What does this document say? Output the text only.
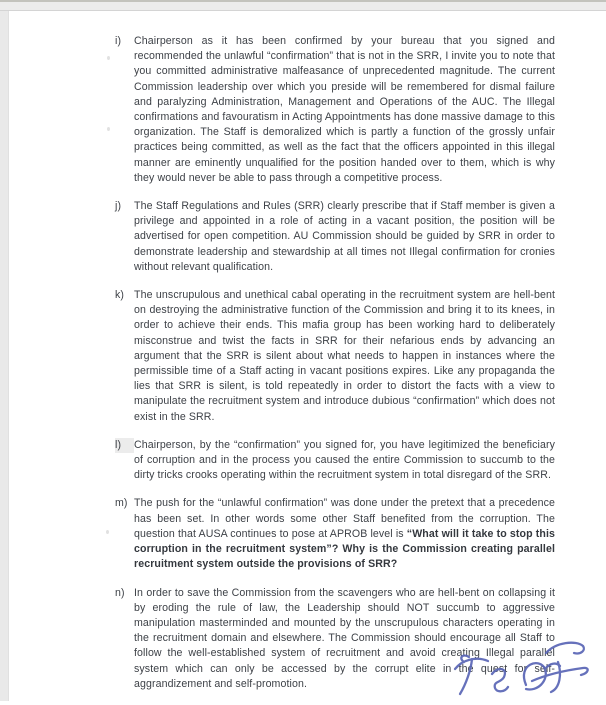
i)	Chairperson as it has been confirmed by your bureau that you signed and recommended the unlawful “confirmation” that is not in the SRR, I invite you to note that you committed administrative malfeasance of unprecedented magnitude. The current Commission leadership over which you preside will be remembered for dismal failure and paralyzing Administration, Management and Operations of the AUC. The Illegal confirmations and favouratism in Acting Appointments has done massive damage to this organization. The Staff is demoralized which is partly a function of the grossly unfair practices being committed, as well as the fact that the officers appointed in this illegal manner are eminently unqualified for the position handed over to them, which is why they would never be able to pass through a competitive process.

j)	The Staff Regulations and Rules (SRR) clearly prescribe that if Staff member is given a privilege and appointed in a role of acting in a vacant position, the position will be advertised for open competition. AU Commission should be guided by SRR in order to demonstrate leadership and stewardship at all times not Illegal confirmation for cronies without relevant qualification.

k) The unscrupulous and unethical cabal operating in the recruitment system are hell-bent on destroying the administrative function of the Commission and bring it to its knees, in order to achieve their ends. This mafia group has been working hard to deliberately misconstrue and twist the facts in SRR for their nefarious ends by advancing an argument that the SRR is silent about what needs to happen in instances where the permissible time of a Staff acting in vacant positions expires. Like any propaganda the lies that SRR is silent, is told repeatedly in order to distort the facts with a view to manipulate the recruitment system and introduce dubious “confirmation” which does not exist in the SRR.

l)	Chairperson, by the “confirmation” you signed for, you have legitimized the beneficiary of corruption and in the process you caused the entire Commission to succumb to the dirty tricks crooks operating within the recruitment system in total disregard of the SRR.

m) The push for the “unlawful confirmation” was done under the pretext that a precedence has been set. In other words some other Staff benefited from the corruption. The question that AUSA continues to pose at APROB level is “What will it take to stop this corruption in the recruitment system”? Why is the Commission creating parallel recruitment system outside the provisions of SRR?

n) In order to save the Commission from the scavengers who are hell-bent on collapsing it by eroding the rule of law, the Leadership should NOT succumb to aggressive manipulation masterminded and mounted by the unscrupulous characters operating in the recruitment domain and elsewhere. The Commission should encourage all Staff to follow the well-established system of recruitment and avoid creating Illegal parallel system which can only be accessed by the corrupt elite in the quest for self-aggrandizement and self-promotion.
